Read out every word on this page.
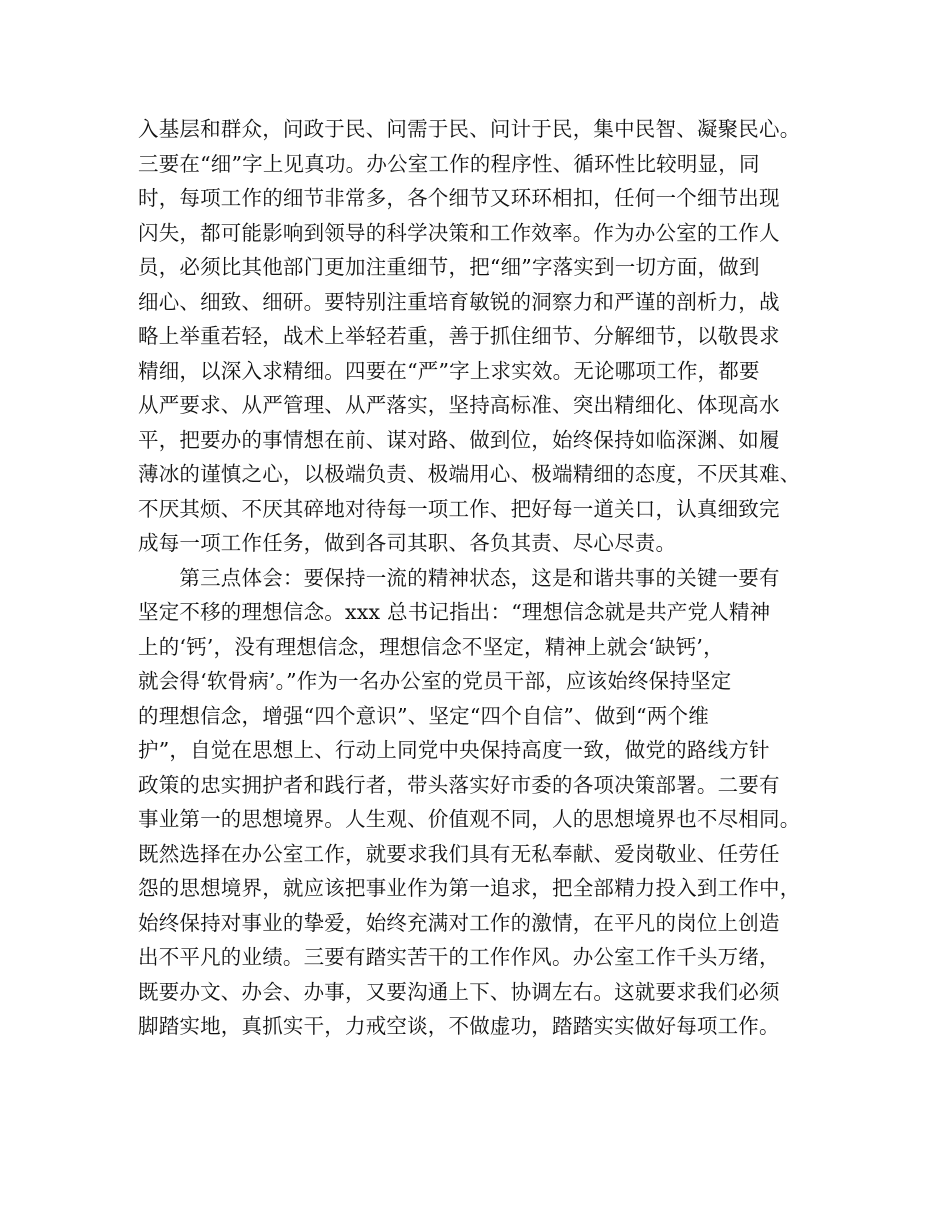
入基层和群众，问政于民、问需于民、问计于民，集中民智、凝聚民心。
三要在“细”字上见真功。办公室工作的程序性、循环性比较明显，同
时，每项工作的细节非常多，各个细节又环环相扣，任何一个细节出现
闪失，都可能影响到领导的科学决策和工作效率。作为办公室的工作人
员，必须比其他部门更加注重细节，把“细”字落实到一切方面，做到
细心、细致、细研。要特别注重培育敏锐的洞察力和严谨的剖析力，战
略上举重若轻，战术上举轻若重，善于抓住细节、分解细节，以敬畏求
精细，以深入求精细。四要在“严”字上求实效。无论哪项工作，都要
从严要求、从严管理、从严落实，坚持高标准、突出精细化、体现高水
平，把要办的事情想在前、谋对路、做到位，始终保持如临深渊、如履
薄冰的谨慎之心，以极端负责、极端用心、极端精细的态度，不厌其难、
不厌其烦、不厌其碎地对待每一项工作、把好每一道关口，认真细致完
成每一项工作任务，做到各司其职、各负其责、尽心尽责。
　　第三点体会：要保持一流的精神状态，这是和谐共事的关键一要有
坚定不移的理想信念。xxx 总书记指出：“理想信念就是共产党人精神
上的‘钙’，没有理想信念，理想信念不坚定，精神上就会‘缺钙’，
就会得‘软骨病’。”作为一名办公室的党员干部，应该始终保持坚定
的理想信念，增强“四个意识”、坚定“四个自信”、做到“两个维
护”，自觉在思想上、行动上同党中央保持高度一致，做党的路线方针
政策的忠实拥护者和践行者，带头落实好市委的各项决策部署。二要有
事业第一的思想境界。人生观、价值观不同，人的思想境界也不尽相同。
既然选择在办公室工作，就要求我们具有无私奉献、爱岗敬业、任劳任
怨的思想境界，就应该把事业作为第一追求，把全部精力投入到工作中，
始终保持对事业的挚爱，始终充满对工作的激情，在平凡的岗位上创造
出不平凡的业绩。三要有踏实苦干的工作作风。办公室工作千头万绪，
既要办文、办会、办事，又要沟通上下、协调左右。这就要求我们必须
脚踏实地，真抓实干，力戒空谈，不做虚功，踏踏实实做好每项工作。
